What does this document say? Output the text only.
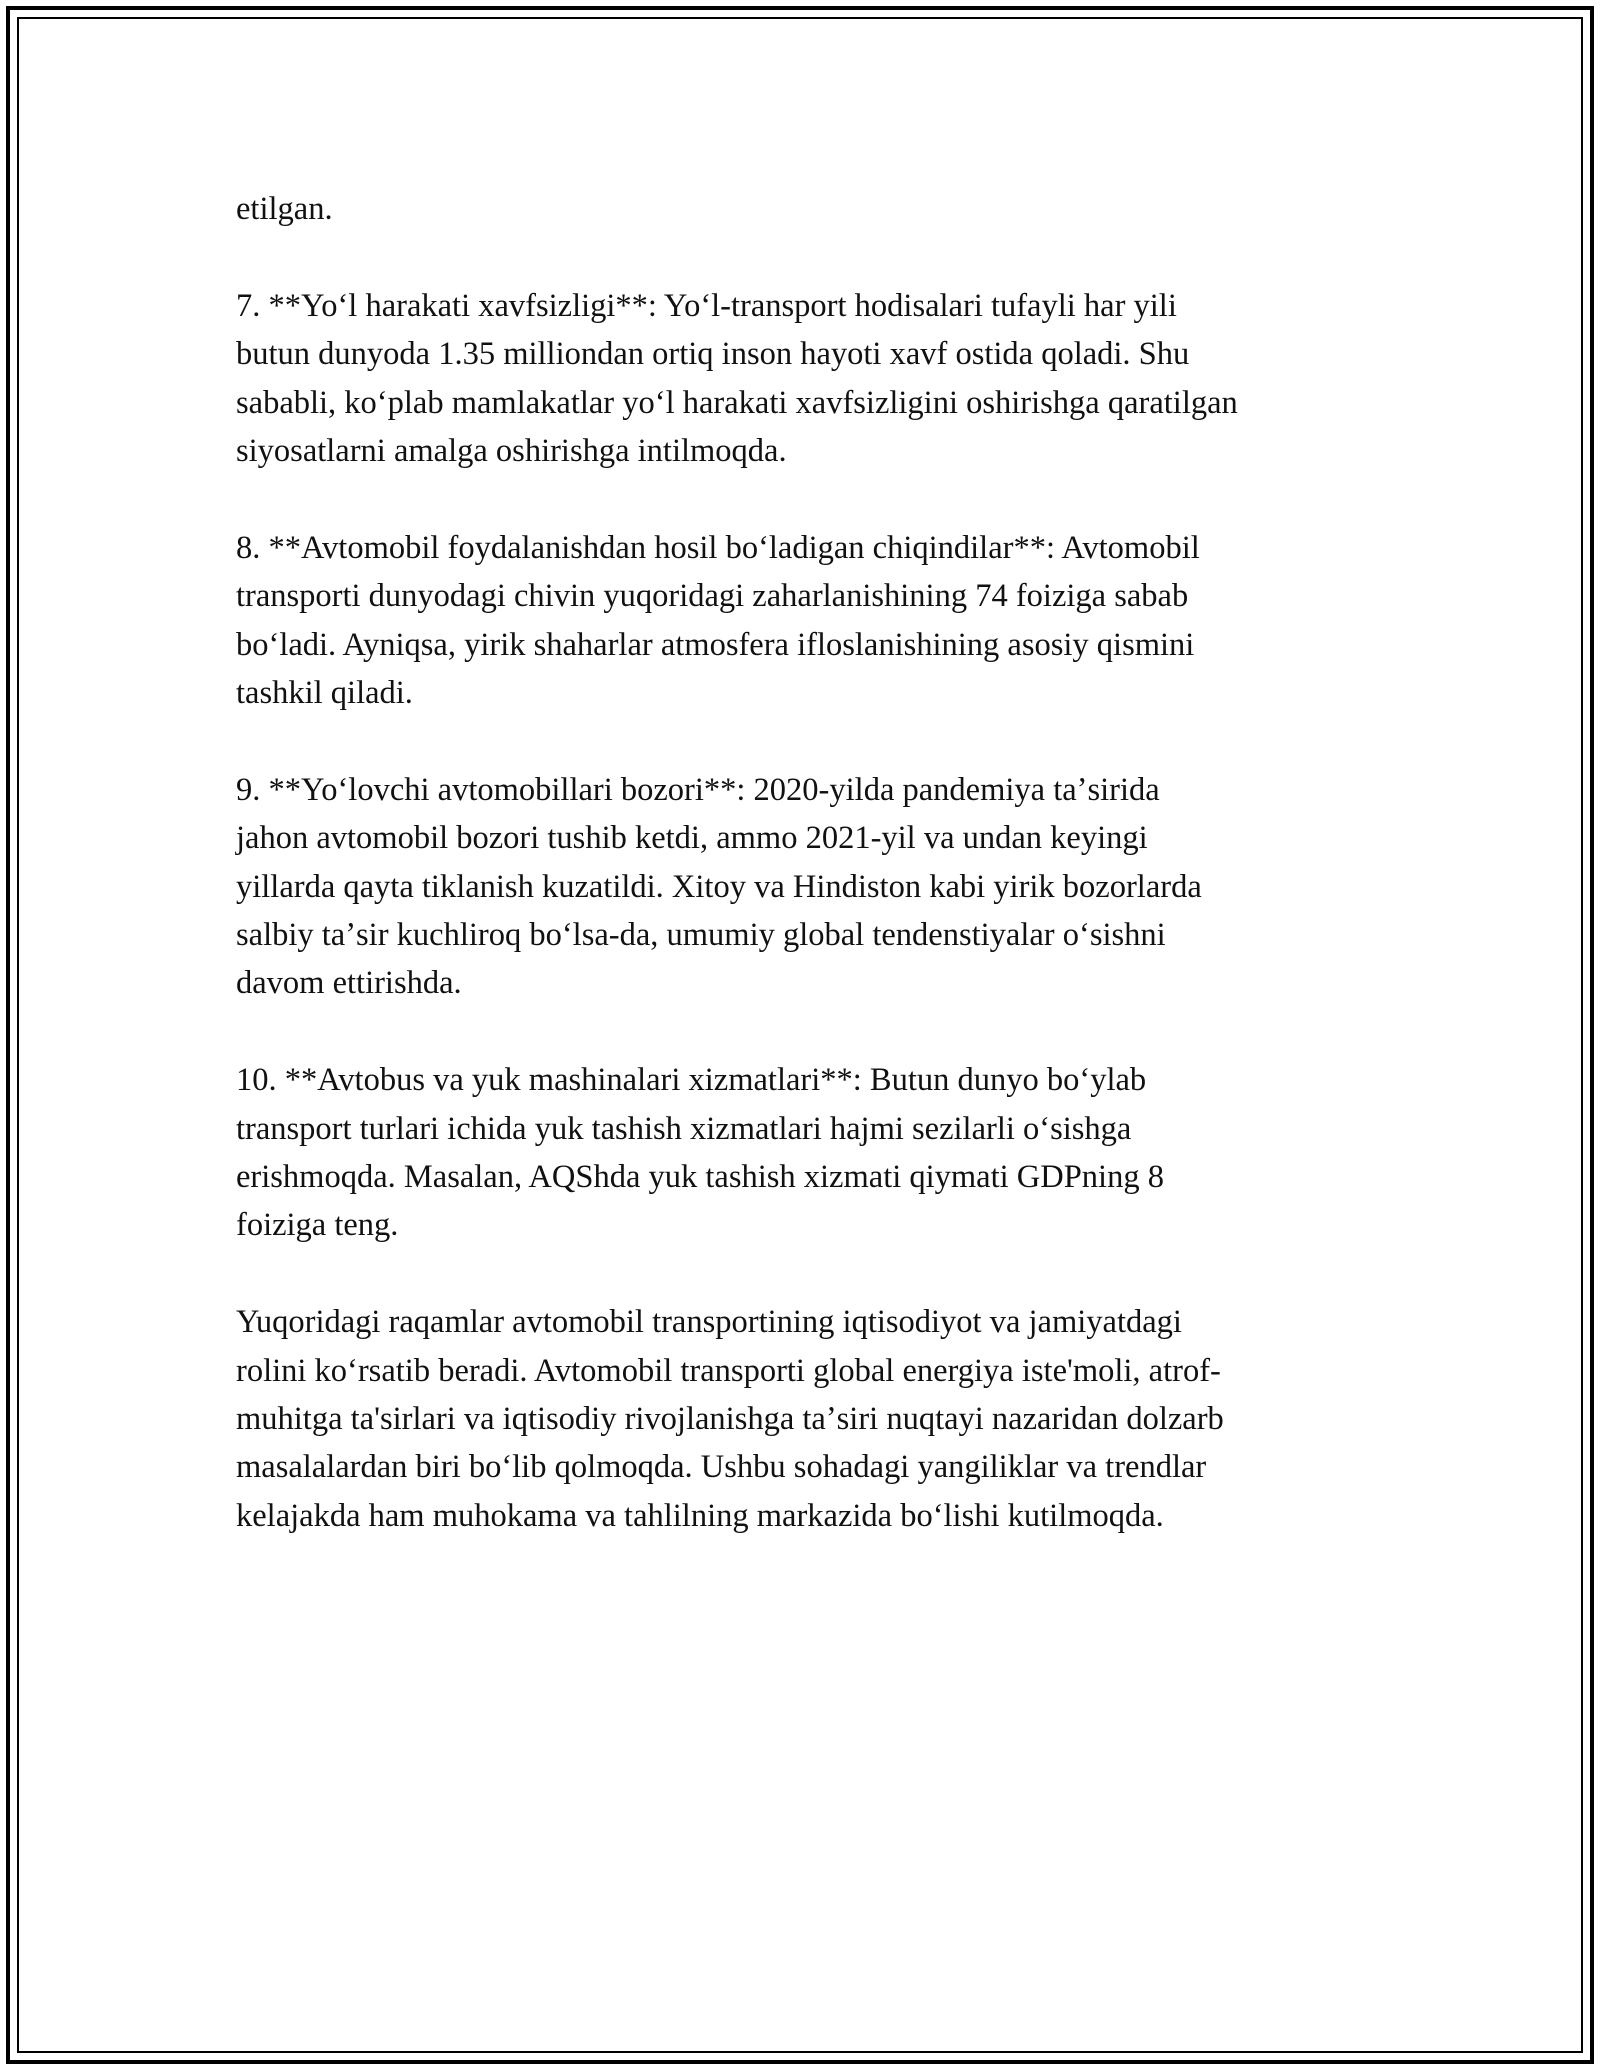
etilgan.

7. **Yoʻl harakati xavfsizligi**: Yoʻl-transport hodisalari tufayli har yili
butun dunyoda 1.35 milliondan ortiq inson hayoti xavf ostida qoladi. Shu
sababli, koʻplab mamlakatlar yoʻl harakati xavfsizligini oshirishga qaratilgan
siyosatlarni amalga oshirishga intilmoqda.

8. **Avtomobil foydalanishdan hosil boʻladigan chiqindilar**: Avtomobil
transporti dunyodagi chivin yuqoridagi zaharlanishining 74 foiziga sabab
boʻladi. Ayniqsa, yirik shaharlar atmosfera ifloslanishining asosiy qismini
tashkil qiladi.

9. **Yoʻlovchi avtomobillari bozori**: 2020-yilda pandemiya taʼsirida
jahon avtomobil bozori tushib ketdi, ammo 2021-yil va undan keyingi
yillarda qayta tiklanish kuzatildi. Xitoy va Hindiston kabi yirik bozorlarda
salbiy taʼsir kuchliroq boʻlsa-da, umumiy global tendenstiyalar oʻsishni
davom ettirishda.

10. **Avtobus va yuk mashinalari xizmatlari**: Butun dunyo boʻylab
transport turlari ichida yuk tashish xizmatlari hajmi sezilarli oʻsishga
erishmoqda. Masalan, AQShda yuk tashish xizmati qiymati GDPning 8
foiziga teng.

Yuqoridagi raqamlar avtomobil transportining iqtisodiyot va jamiyatdagi
rolini koʻrsatib beradi. Avtomobil transporti global energiya iste'moli, atrof-
muhitga ta'sirlari va iqtisodiy rivojlanishga taʼsiri nuqtayi nazaridan dolzarb
masalalardan biri boʻlib qolmoqda. Ushbu sohadagi yangiliklar va trendlar
kelajakda ham muhokama va tahlilning markazida boʻlishi kutilmoqda.
